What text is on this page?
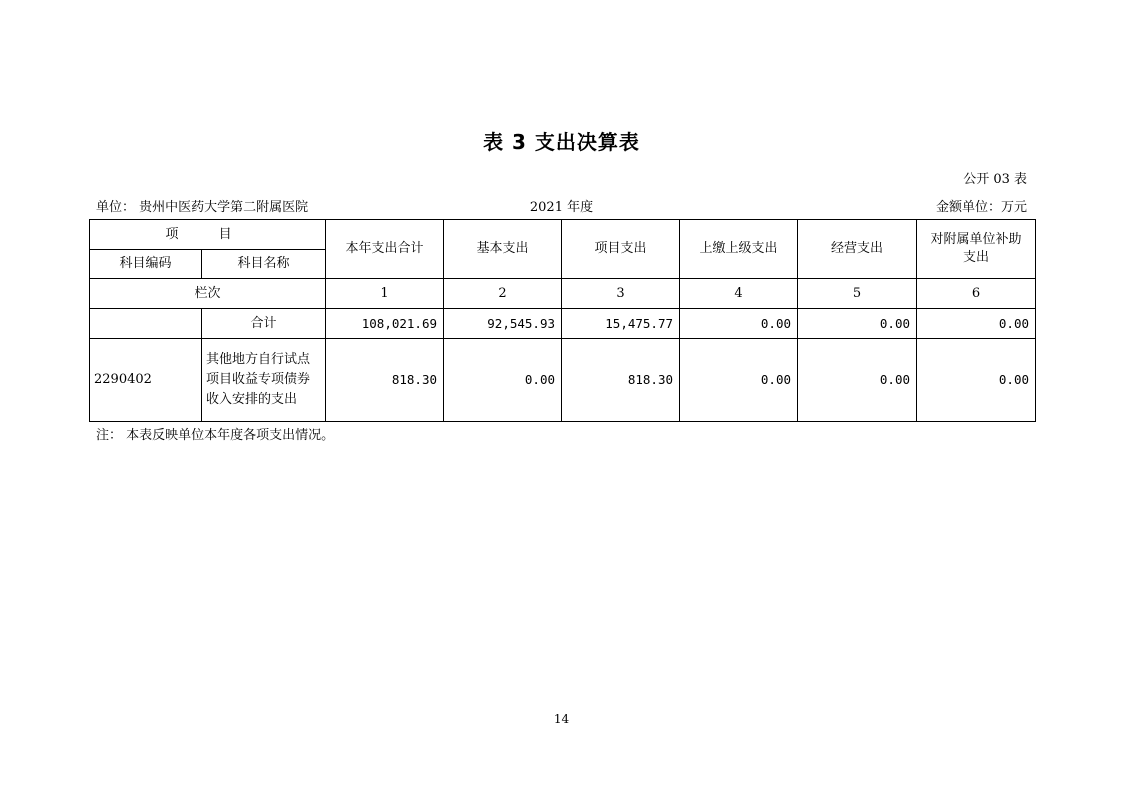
表 3 支出决算表
公开 03 表
单位： 贵州中医药大学第二附属医院	2021 年度	金额单位：万元
项 目		本年支出合计	基本支出	项目支出	上缴上级支出	经营支出	对附属单位补助支出
科目编码	科目名称						
栏次		1	2	3	4	5	6
	合计	108,021.69	92,545.93	15,475.77	0.00	0.00	0.00
2290402	其他地方自行试点项目收益专项债券收入安排的支出	818.30	0.00	818.30	0.00	0.00	0.00
注： 本表反映单位本年度各项支出情况。
14
